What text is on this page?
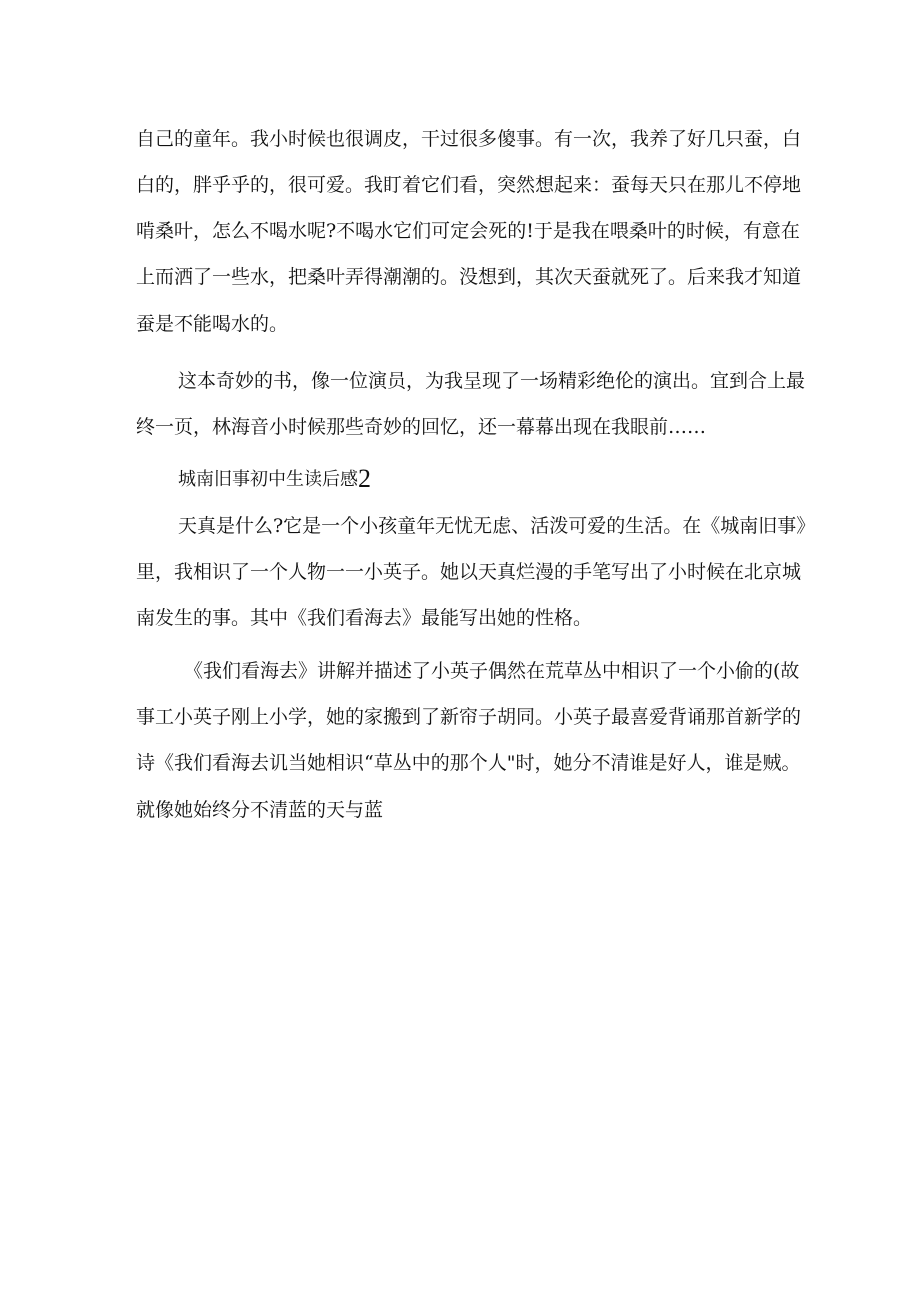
自己的童年。我小时候也很调皮，干过很多傻事。有一次，我养了好几只蚕，白
白的，胖乎乎的，很可爱。我盯着它们看，突然想起来：蚕每天只在那儿不停地
啃桑叶，怎么不喝水呢?不喝水它们可定会死的!于是我在喂桑叶的时候，有意在
上而洒了一些水，把桑叶弄得潮潮的。没想到，其次天蚕就死了。后来我才知道
蚕是不能喝水的。
这本奇妙的书，像一位演员，为我呈现了一场精彩绝伦的演出。宜到合上最
终一页，林海音小时候那些奇妙的回忆，还一幕幕出现在我眼前……
城南旧事初中生读后感2
天真是什么?它是一个小孩童年无忧无虑、活泼可爱的生活。在《城南旧事》
里，我相识了一个人物一一小英子。她以天真烂漫的手笔写出了小时候在北京城
南发生的事。其中《我们看海去》最能写出她的性格。
《我们看海去》讲解并描述了小英子偶然在荒草丛中相识了一个小偷的(故
事工小英子刚上小学，她的家搬到了新帘子胡同。小英子最喜爱背诵那首新学的
诗《我们看海去讥当她相识“草丛中的那个人"时，她分不清谁是好人，谁是贼。
就像她始终分不清蓝的天与蓝
